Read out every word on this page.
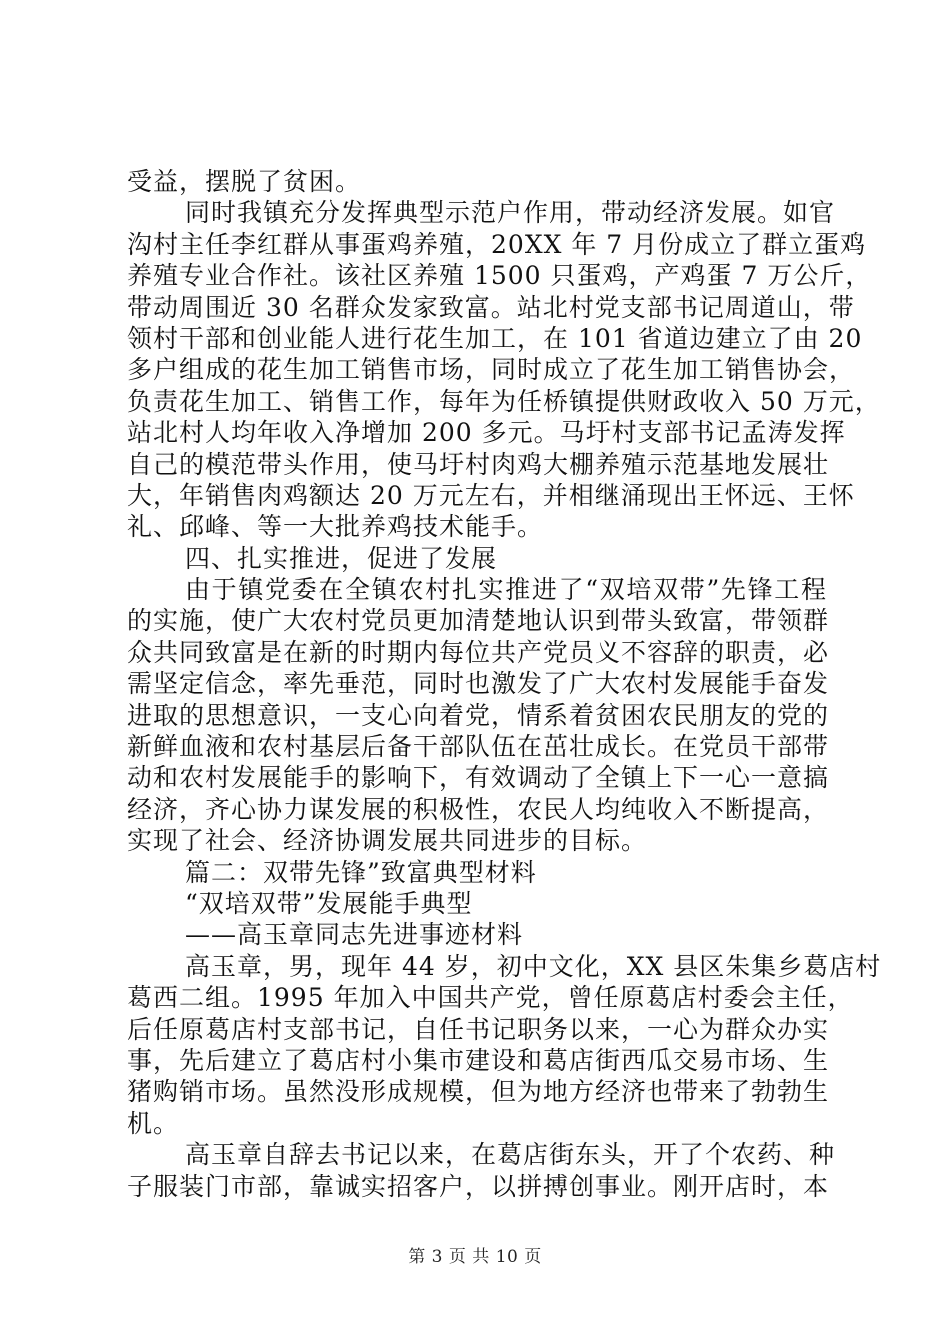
受益，摆脱了贫困。
同时我镇充分发挥典型示范户作用，带动经济发展。如官
沟村主任李红群从事蛋鸡养殖，20XX 年 7 月份成立了群立蛋鸡
养殖专业合作社。该社区养殖 1500 只蛋鸡，产鸡蛋 7 万公斤，
带动周围近 30 名群众发家致富。站北村党支部书记周道山，带
领村干部和创业能人进行花生加工，在 101 省道边建立了由 20
多户组成的花生加工销售市场，同时成立了花生加工销售协会，
负责花生加工、销售工作，每年为任桥镇提供财政收入 50 万元，
站北村人均年收入净增加 200 多元。马圩村支部书记孟涛发挥
自己的模范带头作用，使马圩村肉鸡大棚养殖示范基地发展壮
大，年销售肉鸡额达 20 万元左右，并相继涌现出王怀远、王怀
礼、邱峰、等一大批养鸡技术能手。
四、扎实推进，促进了发展
由于镇党委在全镇农村扎实推进了“双培双带”先锋工程
的实施，使广大农村党员更加清楚地认识到带头致富，带领群
众共同致富是在新的时期内每位共产党员义不容辞的职责，必
需坚定信念，率先垂范，同时也激发了广大农村发展能手奋发
进取的思想意识，一支心向着党，情系着贫困农民朋友的党的
新鲜血液和农村基层后备干部队伍在茁壮成长。在党员干部带
动和农村发展能手的影响下，有效调动了全镇上下一心一意搞
经济，齐心协力谋发展的积极性，农民人均纯收入不断提高，
实现了社会、经济协调发展共同进步的目标。
篇二：双带先锋”致富典型材料
“双培双带”发展能手典型
——高玉章同志先进事迹材料
高玉章，男，现年 44 岁，初中文化，XX 县区朱集乡葛店村
葛西二组。1995 年加入中国共产党，曾任原葛店村委会主任，
后任原葛店村支部书记，自任书记职务以来，一心为群众办实
事，先后建立了葛店村小集市建设和葛店街西瓜交易市场、生
猪购销市场。虽然没形成规模，但为地方经济也带来了勃勃生
机。
高玉章自辞去书记以来，在葛店街东头，开了个农药、种
子服装门市部，靠诚实招客户，以拼搏创事业。刚开店时，本
第 3 页 共 10 页
